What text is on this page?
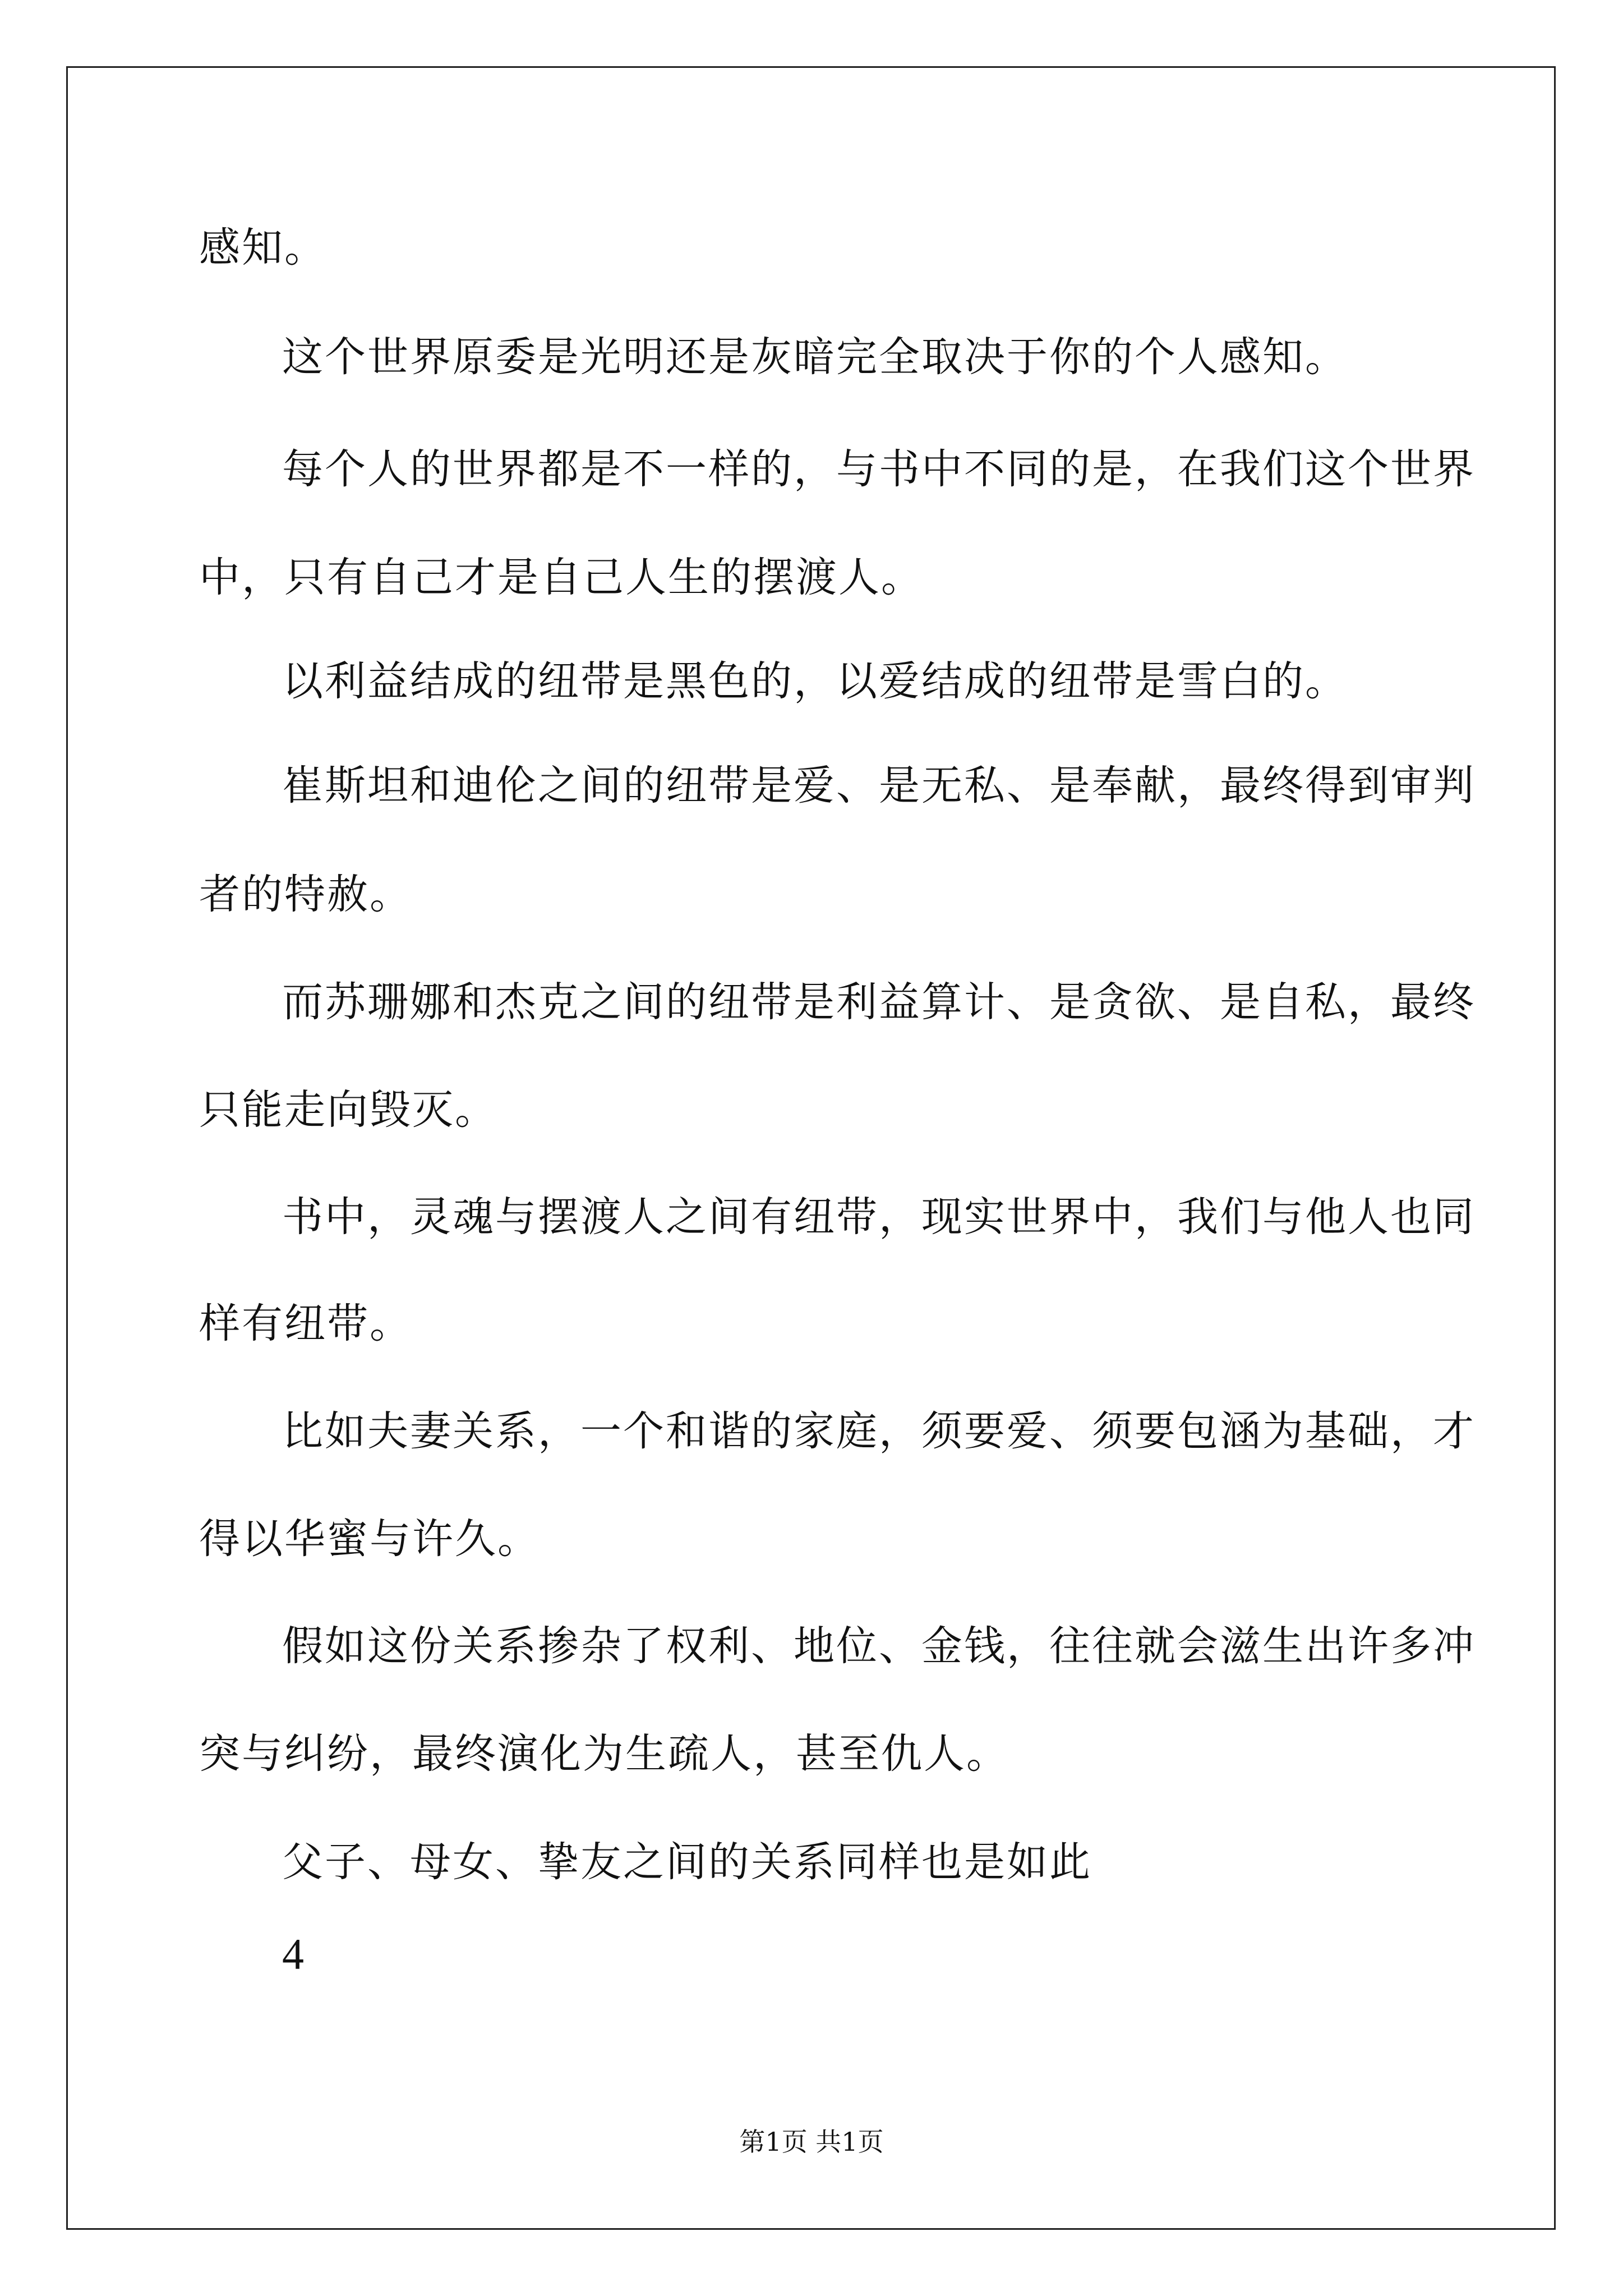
感知。
这个世界原委是光明还是灰暗完全取决于你的个人感知。
每个人的世界都是不一样的，与书中不同的是，在我们这个世界
中，只有自己才是自己人生的摆渡人。
以利益结成的纽带是黑色的，以爱结成的纽带是雪白的。
崔斯坦和迪伦之间的纽带是爱、是无私、是奉献，最终得到审判
者的特赦。
而苏珊娜和杰克之间的纽带是利益算计、是贪欲、是自私，最终
只能走向毁灭。
书中，灵魂与摆渡人之间有纽带，现实世界中，我们与他人也同
样有纽带。
比如夫妻关系，一个和谐的家庭，须要爱、须要包涵为基础，才
得以华蜜与许久。
假如这份关系掺杂了权利、地位、金钱，往往就会滋生出许多冲
突与纠纷，最终演化为生疏人，甚至仇人。
父子、母女、挚友之间的关系同样也是如此
4
第1页 共1页
